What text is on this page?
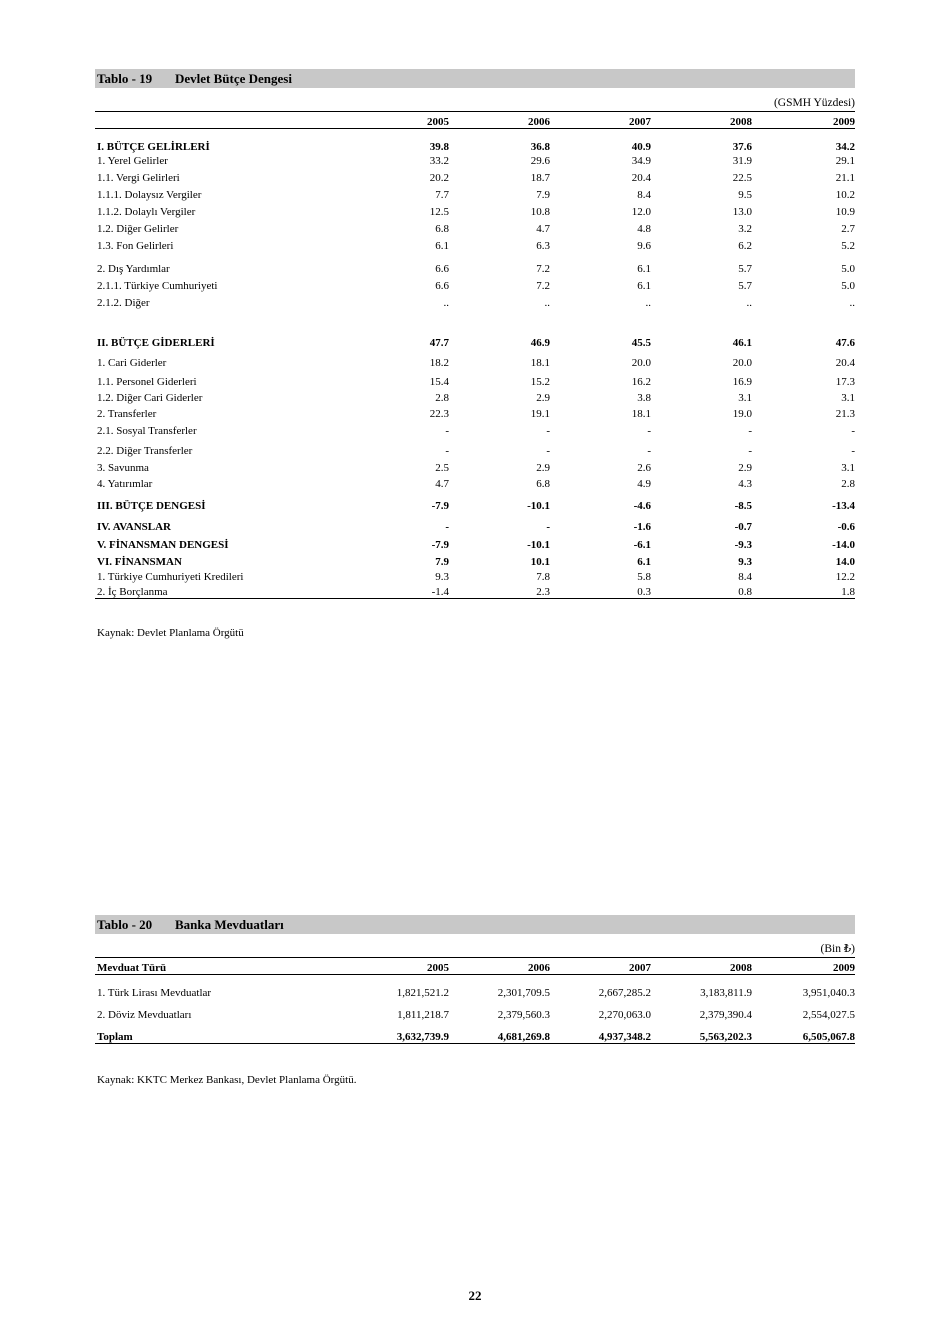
Tablo - 19 Devlet Bütçe Dengesi
(GSMH Yüzdesi)
	2005	2006	2007	2008	2009
I. BÜTÇE GELİRLERİ	39.8	36.8	40.9	37.6	34.2
1. Yerel Gelirler	33.2	29.6	34.9	31.9	29.1
1.1. Vergi Gelirleri	20.2	18.7	20.4	22.5	21.1
1.1.1. Dolaysız Vergiler	7.7	7.9	8.4	9.5	10.2
1.1.2. Dolaylı Vergiler	12.5	10.8	12.0	13.0	10.9
1.2. Diğer Gelirler	6.8	4.7	4.8	3.2	2.7
1.3. Fon Gelirleri	6.1	6.3	9.6	6.2	5.2
2. Dış Yardımlar	6.6	7.2	6.1	5.7	5.0
2.1.1. Türkiye Cumhuriyeti	6.6	7.2	6.1	5.7	5.0
2.1.2. Diğer	..	..	..	..	..
II. BÜTÇE GİDERLERİ	47.7	46.9	45.5	46.1	47.6
1. Cari Giderler	18.2	18.1	20.0	20.0	20.4
1.1. Personel Giderleri	15.4	15.2	16.2	16.9	17.3
1.2. Diğer Cari Giderler	2.8	2.9	3.8	3.1	3.1
2. Transferler	22.3	19.1	18.1	19.0	21.3
2.1. Sosyal Transferler	-	-	-	-	-
2.2. Diğer Transferler	-	-	-	-	-
3. Savunma	2.5	2.9	2.6	2.9	3.1
4. Yatırımlar	4.7	6.8	4.9	4.3	2.8
III. BÜTÇE DENGESİ	-7.9	-10.1	-4.6	-8.5	-13.4
IV. AVANSLAR	-	-	-1.6	-0.7	-0.6
V. FİNANSMAN DENGESİ	-7.9	-10.1	-6.1	-9.3	-14.0
VI. FİNANSMAN	7.9	10.1	6.1	9.3	14.0
1. Türkiye Cumhuriyeti Kredileri	9.3	7.8	5.8	8.4	12.2
2. İç Borçlanma	-1.4	2.3	0.3	0.8	1.8
Kaynak: Devlet Planlama Örgütü
Tablo - 20 Banka Mevduatları
(Bin ₺)
Mevduat Türü	2005	2006	2007	2008	2009
1. Türk Lirası Mevduatlar	1,821,521.2	2,301,709.5	2,667,285.2	3,183,811.9	3,951,040.3
2. Döviz Mevduatları	1,811,218.7	2,379,560.3	2,270,063.0	2,379,390.4	2,554,027.5
Toplam	3,632,739.9	4,681,269.8	4,937,348.2	5,563,202.3	6,505,067.8
Kaynak: KKTC Merkez Bankası, Devlet Planlama Örgütü.
22
